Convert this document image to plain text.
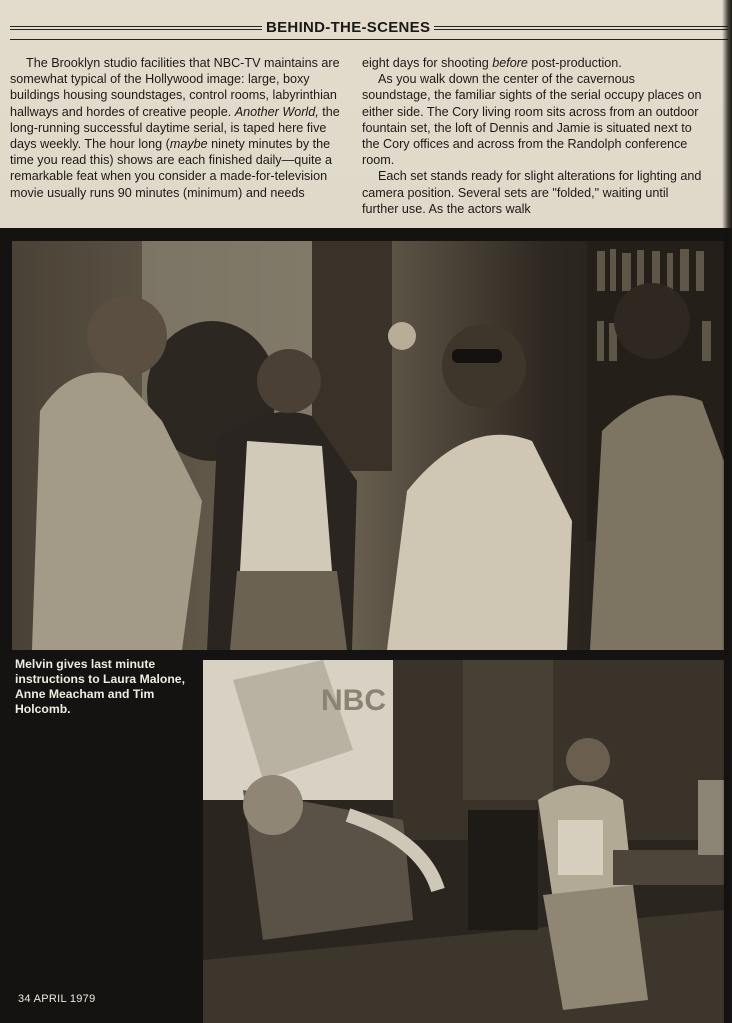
BEHIND-THE-SCENES

The Brooklyn studio facilities that NBC-TV maintains are somewhat typical of the Hollywood image: large, boxy buildings housing soundstages, control rooms, labyrinthian hallways and hordes of creative people. Another World, the long-running successful daytime serial, is taped here five days weekly. The hour long (maybe ninety minutes by the time you read this) shows are each finished daily—quite a remarkable feat when you consider a made-for-television movie usually runs 90 minutes (minimum) and needs

eight days for shooting before post-production.

As you walk down the center of the cavernous soundstage, the familiar sights of the serial occupy places on either side. The Cory living room sits across from an outdoor fountain set, the loft of Dennis and Jamie is situated next to the Cory offices and across from the Randolph conference room.

Each set stands ready for slight alterations for lighting and camera position. Several sets are "folded," waiting until further use. As the actors walk

Melvin gives last minute instructions to Laura Malone, Anne Meacham and Tim Holcomb.	NBC
34 APRIL 1979
